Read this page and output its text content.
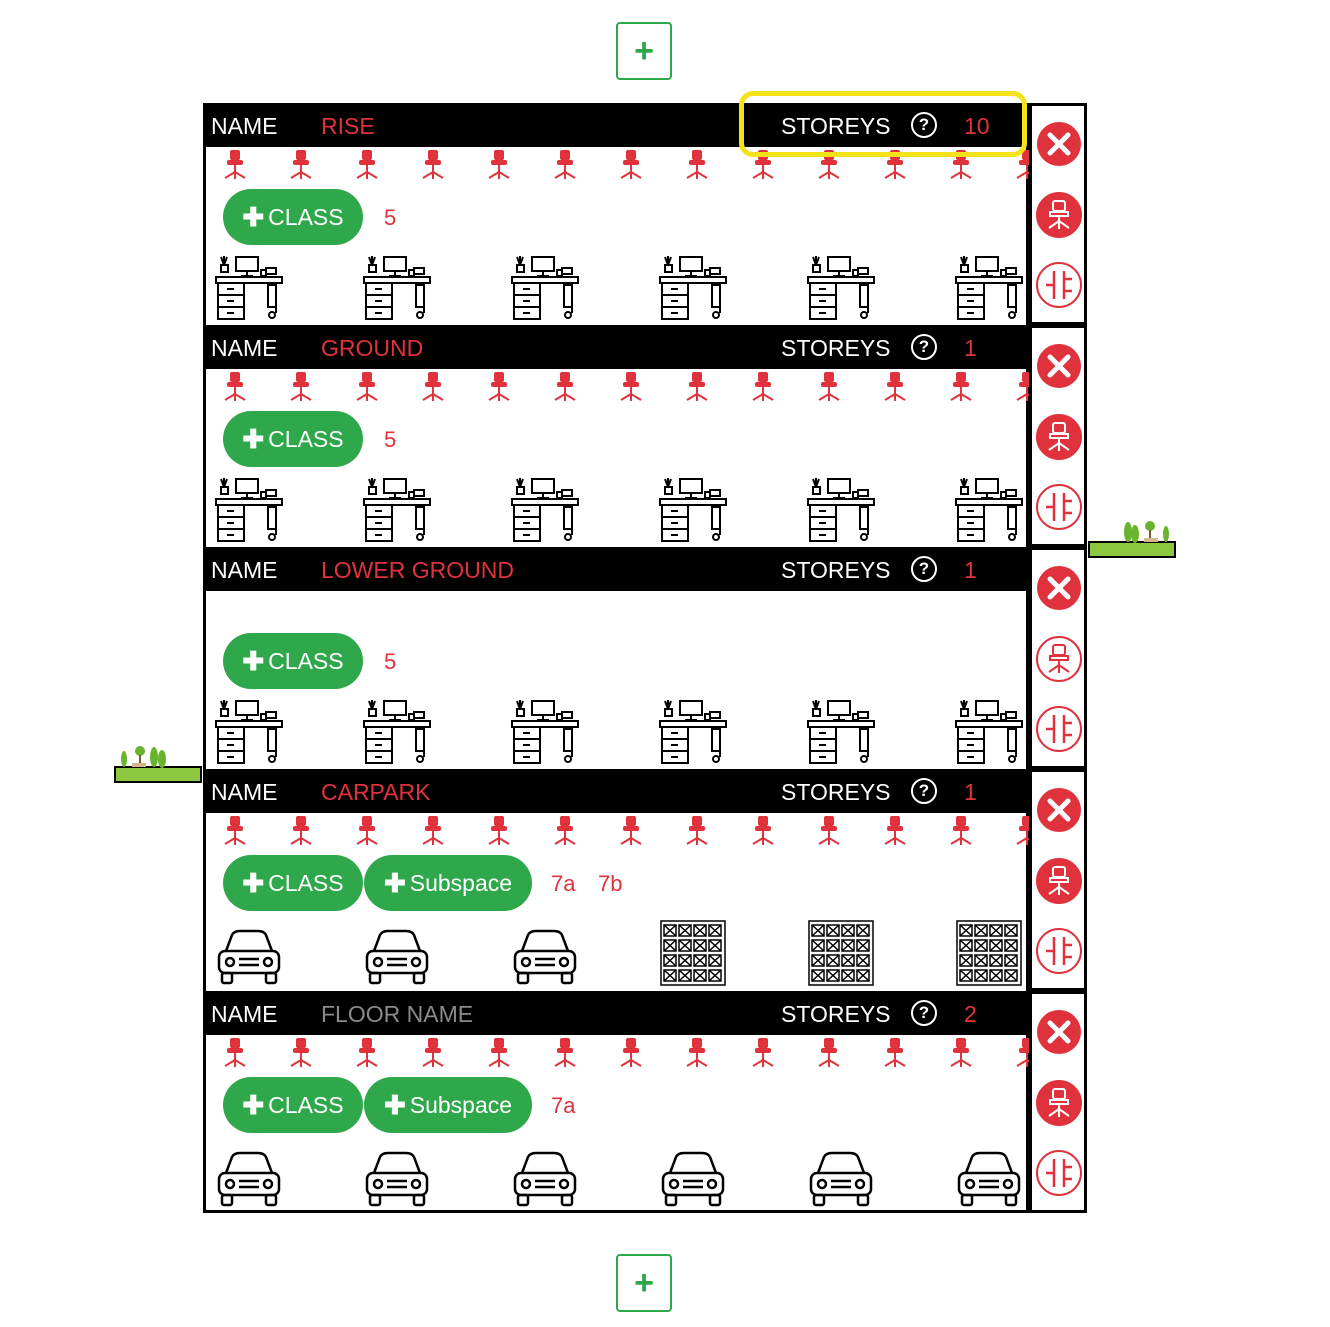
+
NAME RISE	STOREYS	?	10
✚ CLASS 5
NAME GROUND	STOREYS	?	1
✚ CLASS 5
NAME LOWER GROUND	STOREYS	?	1
✚ CLASS 5
NAME CARPARK	STOREYS	?	1
✚ CLASS ✚ Subspace 7a 7b
NAME FLOOR NAME	STOREYS	?	2
✚ CLASS ✚ Subspace 7a
+
